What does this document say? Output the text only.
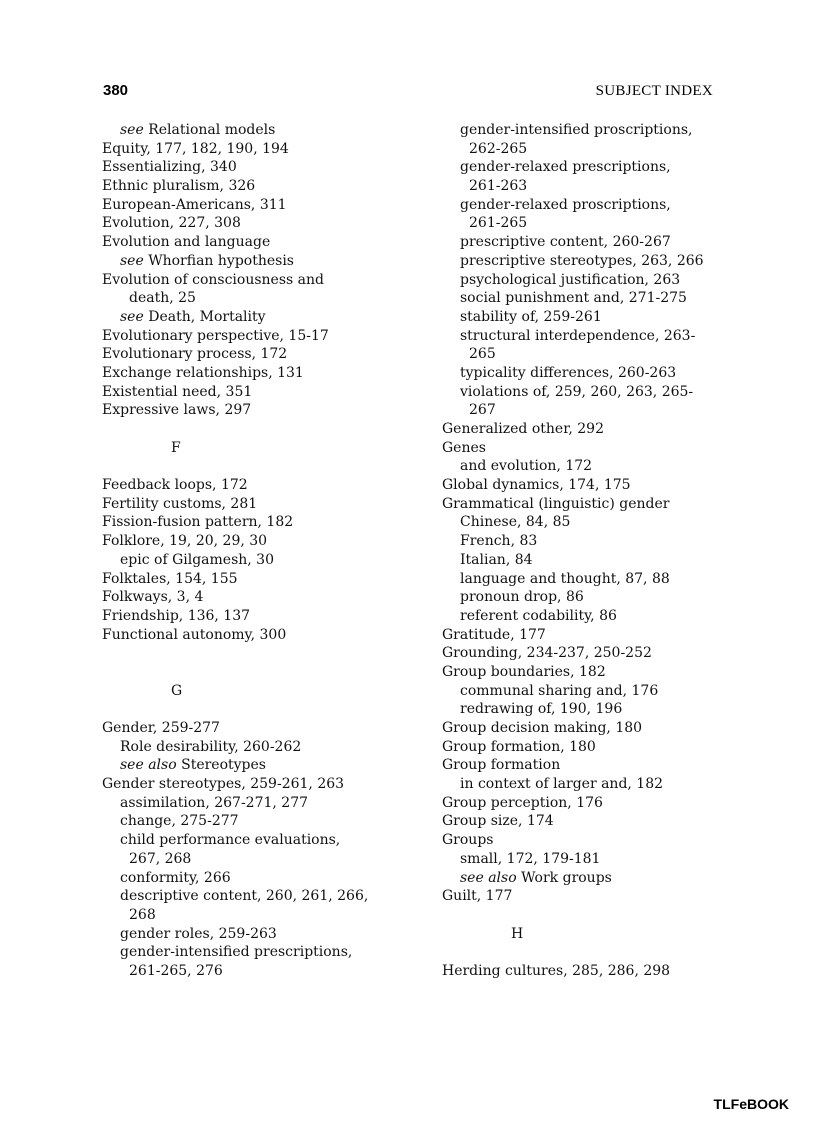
380	SUBJECT INDEX
see Relational models
Equity, 177, 182, 190, 194
Essentializing, 340
Ethnic pluralism, 326
European-Americans, 311
Evolution, 227, 308
Evolution and language
see Whorfian hypothesis
Evolution of consciousness and
death, 25
see Death, Mortality
Evolutionary perspective, 15-17
Evolutionary process, 172
Exchange relationships, 131
Existential need, 351
Expressive laws, 297
F
Feedback loops, 172
Fertility customs, 281
Fission-fusion pattern, 182
Folklore, 19, 20, 29, 30
epic of Gilgamesh, 30
Folktales, 154, 155
Folkways, 3, 4
Friendship, 136, 137
Functional autonomy, 300
G
Gender, 259-277
Role desirability, 260-262
see also Stereotypes
Gender stereotypes, 259-261, 263
assimilation, 267-271, 277
change, 275-277
child performance evaluations,
267, 268
conformity, 266
descriptive content, 260, 261, 266,
268
gender roles, 259-263
gender-intensified prescriptions,
261-265, 276
gender-intensified proscriptions,
262-265
gender-relaxed prescriptions,
261-263
gender-relaxed proscriptions,
261-265
prescriptive content, 260-267
prescriptive stereotypes, 263, 266
psychological justification, 263
social punishment and, 271-275
stability of, 259-261
structural interdependence, 263-
265
typicality differences, 260-263
violations of, 259, 260, 263, 265-
267
Generalized other, 292
Genes
and evolution, 172
Global dynamics, 174, 175
Grammatical (linguistic) gender
Chinese, 84, 85
French, 83
Italian, 84
language and thought, 87, 88
pronoun drop, 86
referent codability, 86
Gratitude, 177
Grounding, 234-237, 250-252
Group boundaries, 182
communal sharing and, 176
redrawing of, 190, 196
Group decision making, 180
Group formation, 180
Group formation
in context of larger and, 182
Group perception, 176
Group size, 174
Groups
small, 172, 179-181
see also Work groups
Guilt, 177
H
Herding cultures, 285, 286, 298
TLFeBOOK
